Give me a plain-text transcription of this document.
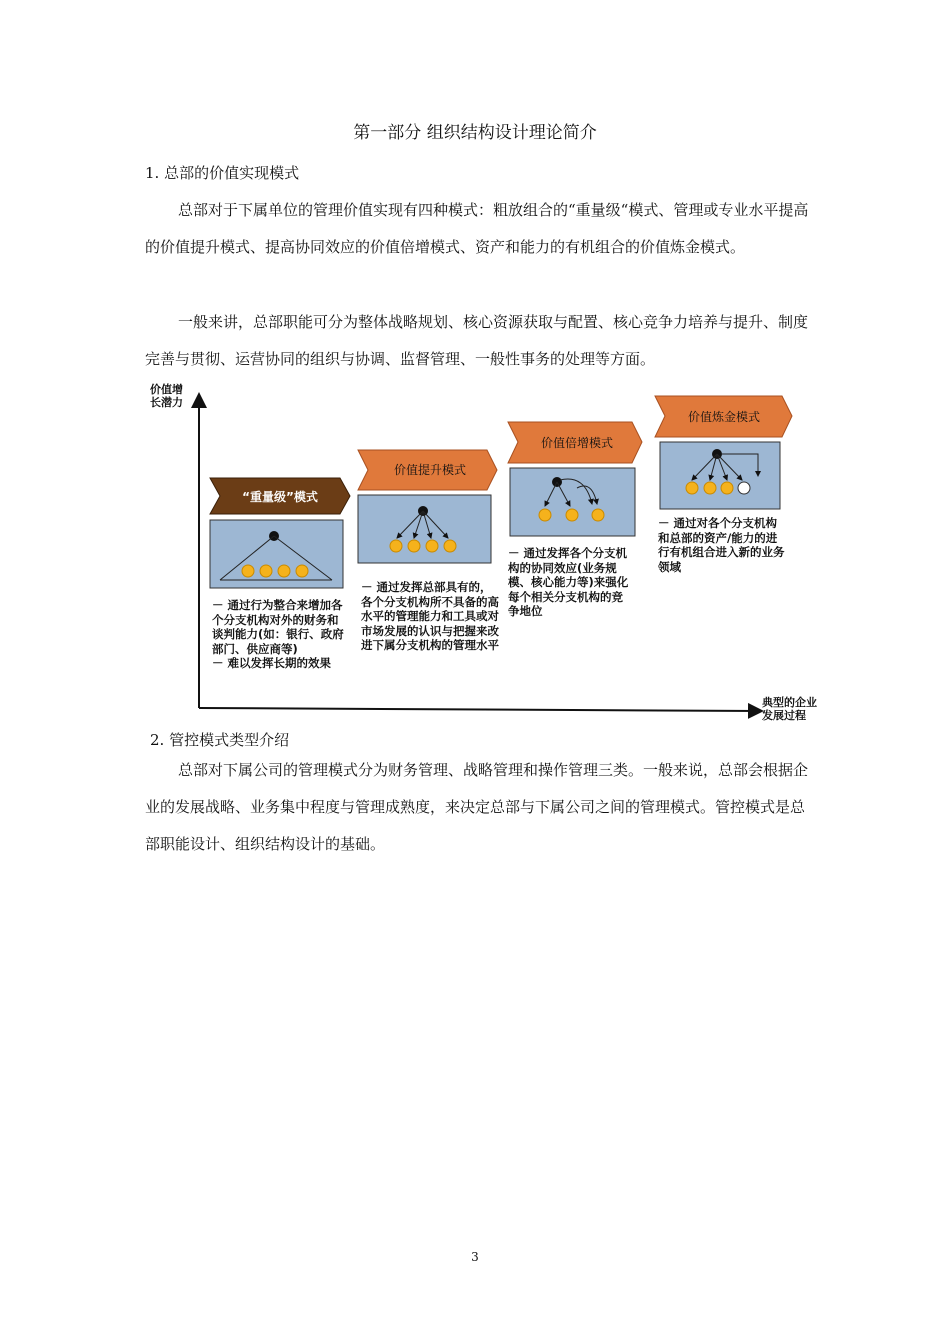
第一部分 组织结构设计理论简介
1. 总部的价值实现模式

总部对于下属单位的管理价值实现有四种模式：粗放组合的“重量级“模式、管理或专业水平提高的价值提升模式、提高协同效应的价值倍增模式、资产和能力的有机组合的价值炼金模式。

一般来讲，总部职能可分为整体战略规划、核心资源获取与配置、核心竞争力培养与提升、制度完善与贯彻、运营协同的组织与协调、监督管理、一般性事务的处理等方面。

“重量级”模式
价值提升模式
价值倍增模式
价值炼金模式
价值增
长潜力
典型的企业
发展过程

－ 通过行为整合来增加各个分支机构对外的财务和谈判能力(如：银行、政府部门、供应商等)
－ 难以发挥长期的效果

－ 通过发挥总部具有的，各个分支机构所不具备的高水平的管理能力和工具或对市场发展的认识与把握来改进下属分支机构的管理水平

－ 通过发挥各个分支机构的协同效应(业务规模、核心能力等)来强化每个相关分支机构的竞争地位

－ 通过对各个分支机构和总部的资产/能力的进行有机组合进入新的业务领域

2. 管控模式类型介绍

总部对下属公司的管理模式分为财务管理、战略管理和操作管理三类。一般来说，总部会根据企业的发展战略、业务集中程度与管理成熟度，来决定总部与下属公司之间的管理模式。管控模式是总部职能设计、组织结构设计的基础。

3
